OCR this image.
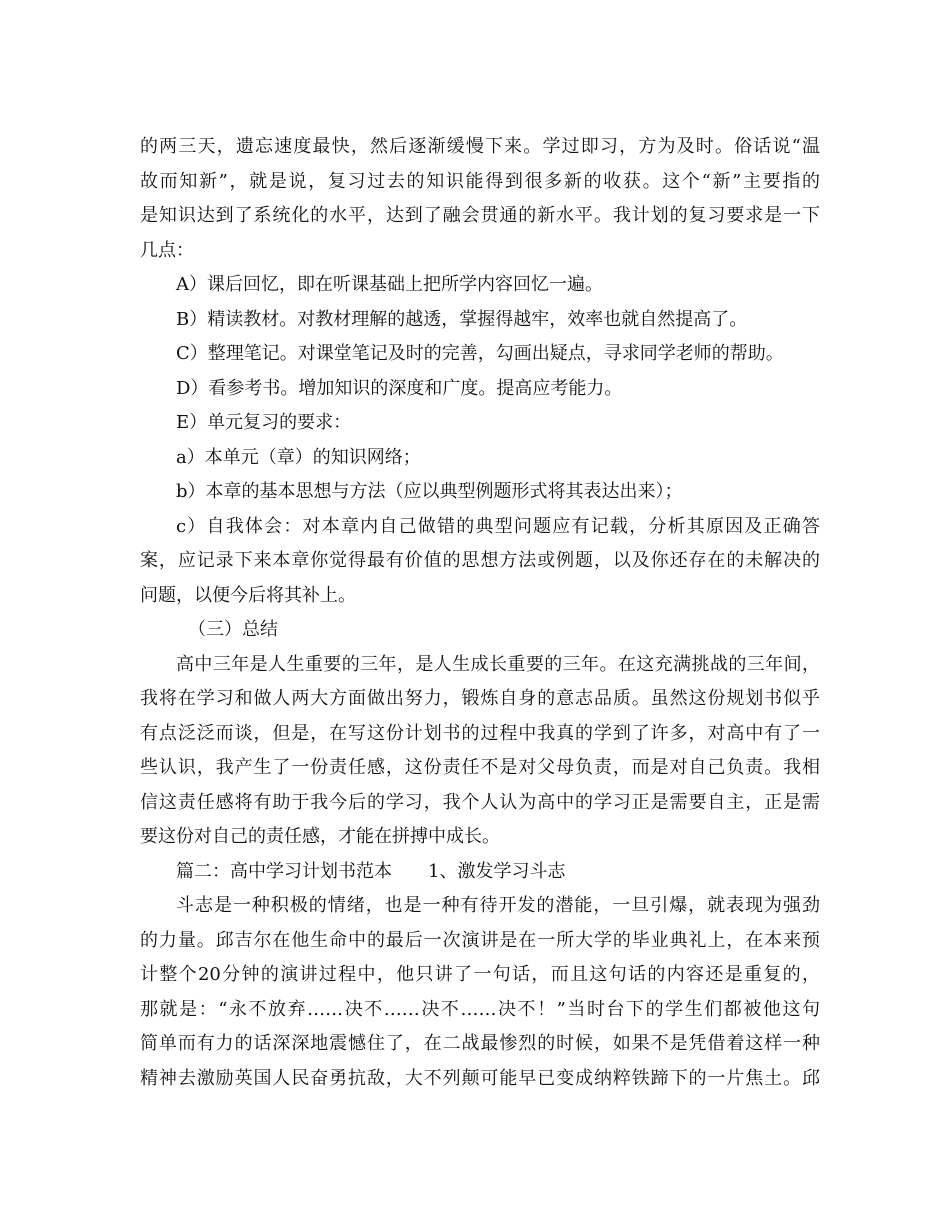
的两三天，遗忘速度最快，然后逐渐缓慢下来。学过即习，方为及时。俗话说“温
故而知新”，就是说，复习过去的知识能得到很多新的收获。这个“新”主要指的
是知识达到了系统化的水平，达到了融会贯通的新水平。我计划的复习要求是一下
几点：
A）课后回忆，即在听课基础上把所学内容回忆一遍。
B）精读教材。对教材理解的越透，掌握得越牢，效率也就自然提高了。
C）整理笔记。对课堂笔记及时的完善，勾画出疑点，寻求同学老师的帮助。
D）看参考书。增加知识的深度和广度。提高应考能力。
E）单元复习的要求：
a）本单元（章）的知识网络；
b）本章的基本思想与方法（应以典型例题形式将其表达出来）；
c）自我体会：对本章内自己做错的典型问题应有记载，分析其原因及正确答
案，应记录下来本章你觉得最有价值的思想方法或例题，以及你还存在的未解决的
问题，以便今后将其补上。
（三）总结
高中三年是人生重要的三年，是人生成长重要的三年。在这充满挑战的三年间，
我将在学习和做人两大方面做出努力，锻炼自身的意志品质。虽然这份规划书似乎
有点泛泛而谈，但是，在写这份计划书的过程中我真的学到了许多，对高中有了一
些认识，我产生了一份责任感，这份责任不是对父母负责，而是对自己负责。我相
信这责任感将有助于我今后的学习，我个人认为高中的学习正是需要自主，正是需
要这份对自己的责任感，才能在拼搏中成长。
篇二：高中学习计划书范本　　1、激发学习斗志
斗志是一种积极的情绪，也是一种有待开发的潜能，一旦引爆，就表现为强劲
的力量。邱吉尔在他生命中的最后一次演讲是在一所大学的毕业典礼上，在本来预
计整个20分钟的演讲过程中，他只讲了一句话，而且这句话的内容还是重复的，
那就是：“永不放弃……决不……决不……决不！”当时台下的学生们都被他这句
简单而有力的话深深地震憾住了，在二战最惨烈的时候，如果不是凭借着这样一种
精神去激励英国人民奋勇抗敌，大不列颠可能早已变成纳粹铁蹄下的一片焦土。邱
